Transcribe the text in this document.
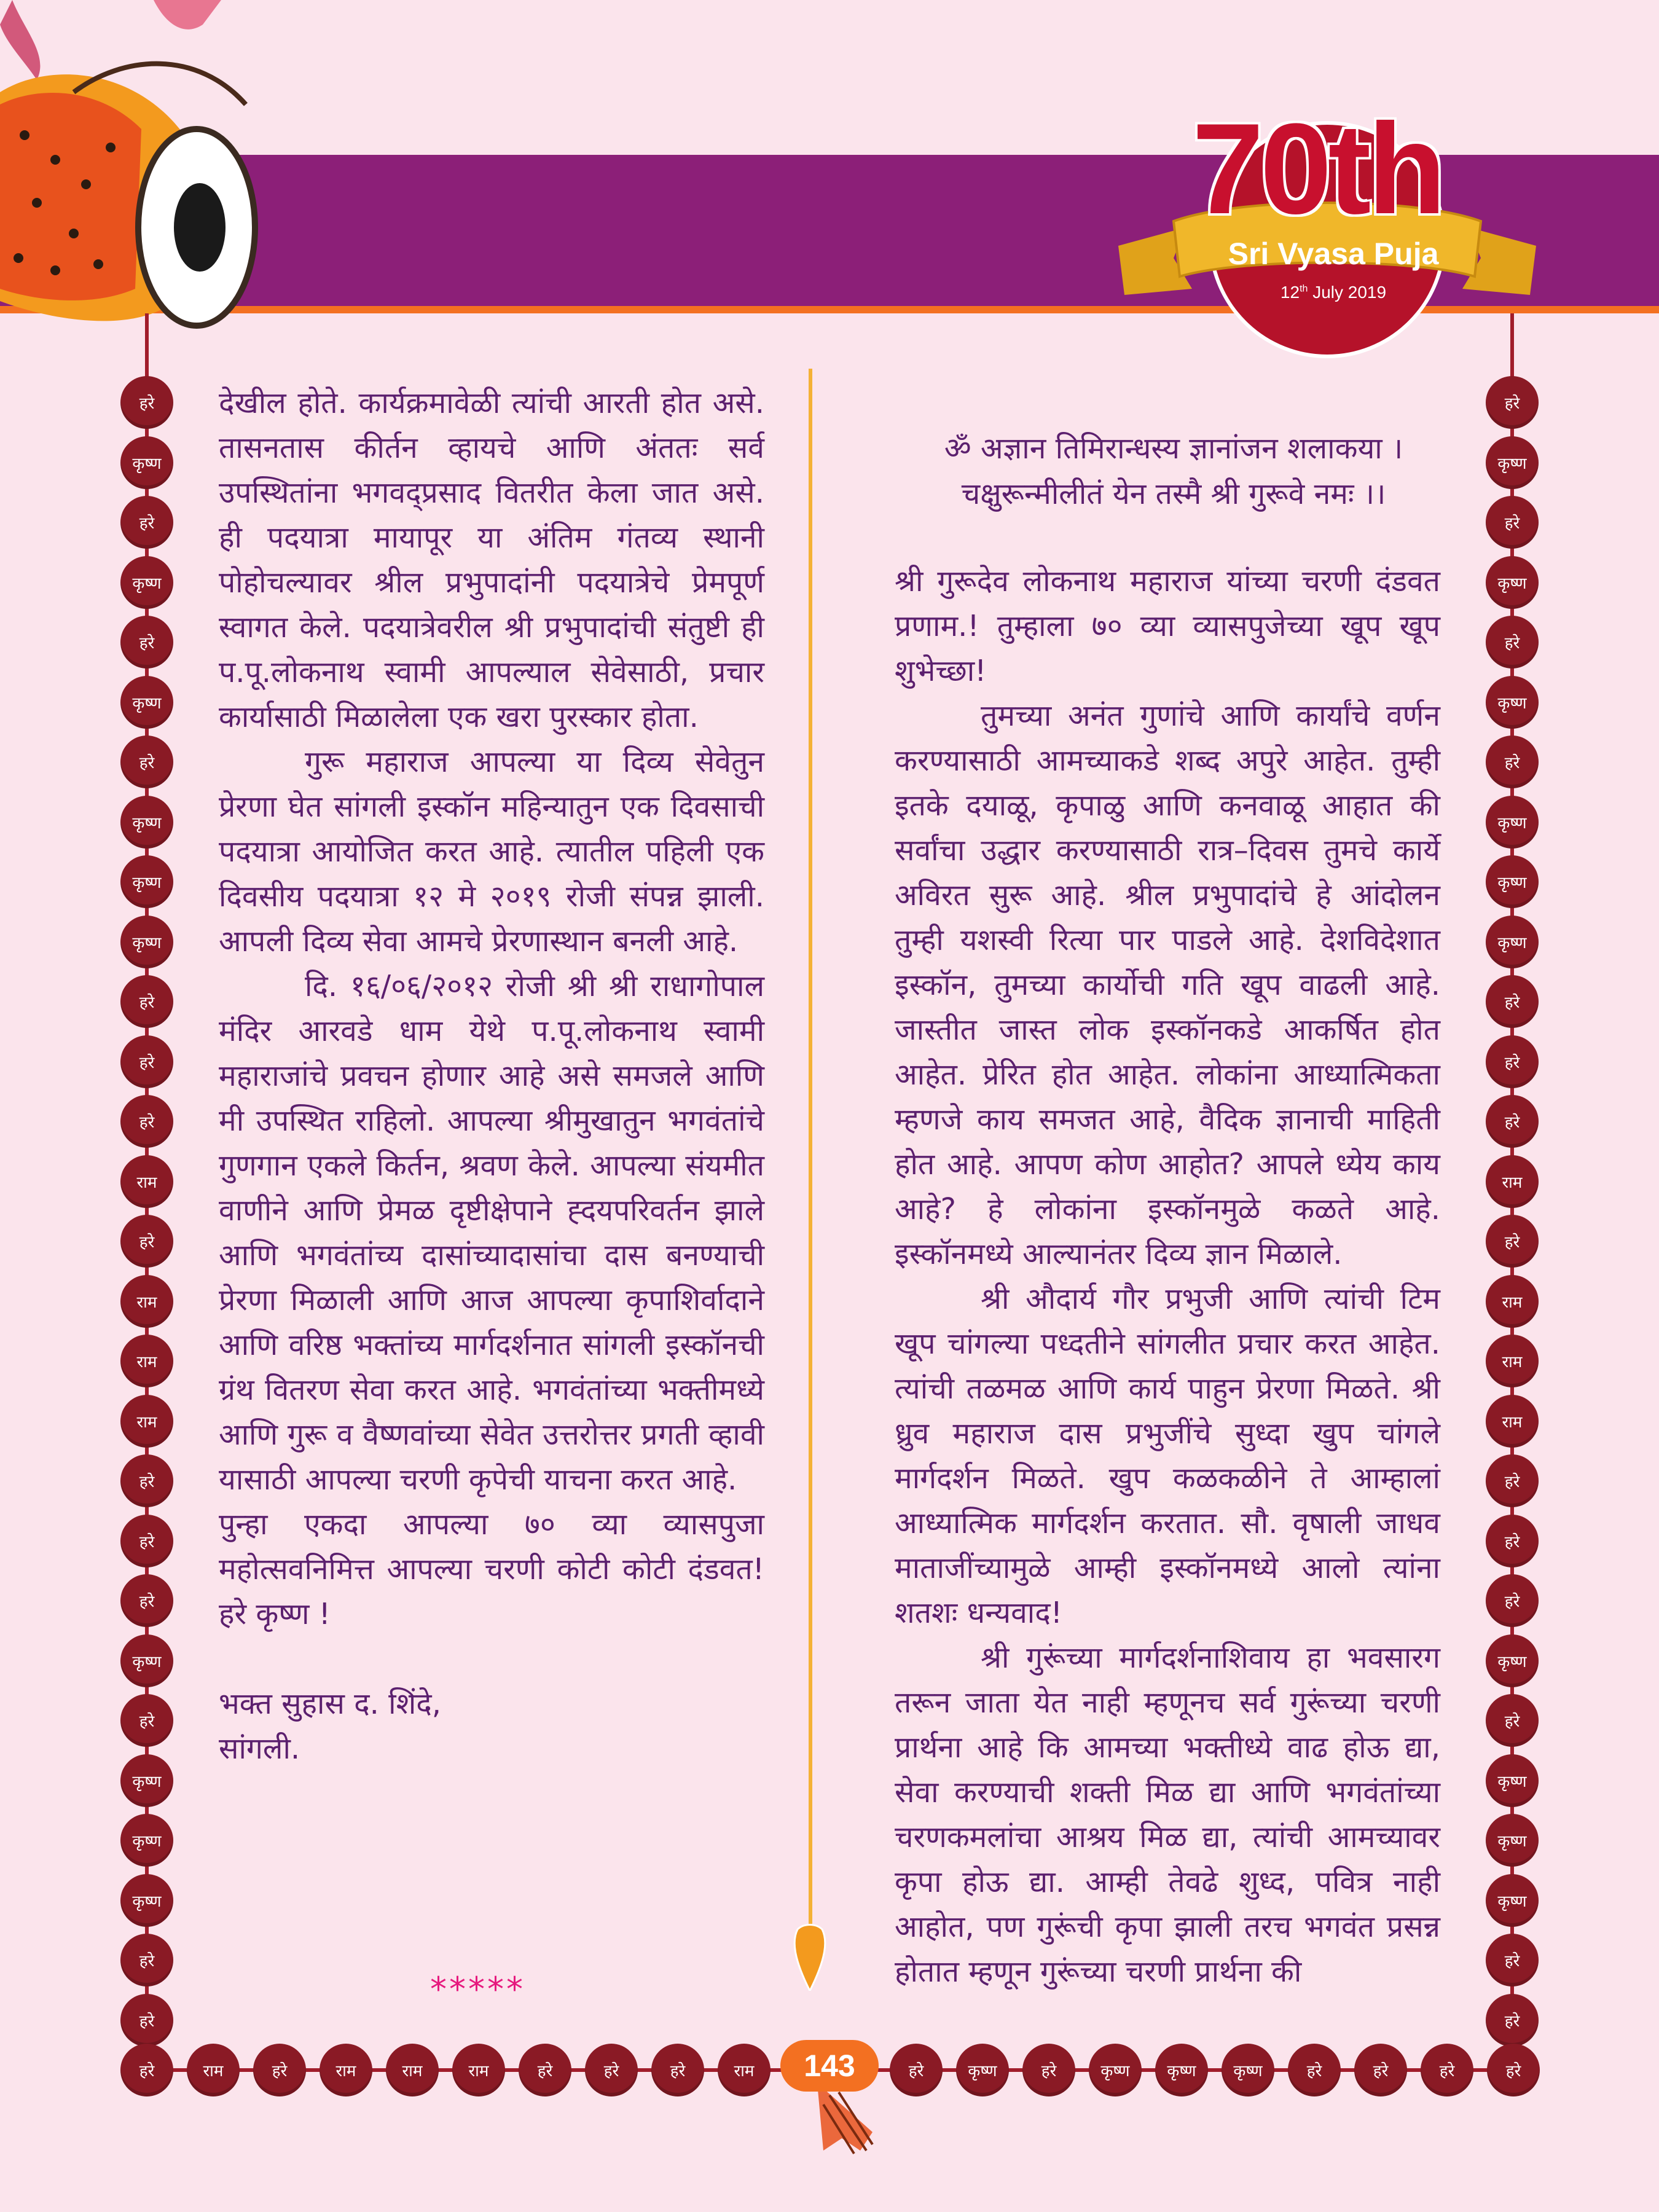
70th
Sri Vyasa Puja
12th July 2019
हरे
कृष्ण
हरे
कृष्ण
हरे
कृष्ण
हरे
कृष्ण
कृष्ण
कृष्ण
हरे
हरे
हरे
राम
हरे
राम
राम
राम
हरे
हरे
हरे
कृष्ण
हरे
कृष्ण
कृष्ण
कृष्ण
हरे
हरे
हरे
कृष्ण
हरे
कृष्ण
हरे
कृष्ण
हरे
कृष्ण
कृष्ण
कृष्ण
हरे
हरे
हरे
राम
हरे
राम
राम
राम
हरे
हरे
हरे
कृष्ण
हरे
कृष्ण
कृष्ण
कृष्ण
हरे
हरे
हरे	राम	हरे	राम	राम	राम	हरे	हरे	हरे	राम	हरे	कृष्ण	हरे	कृष्ण	कृष्ण	कृष्ण	हरे	हरे	हरे	हरे

देखील होते. कार्यक्रमावेळी त्यांची आरती होत असे. तासनतास कीर्तन व्हायचे आणि अंततः सर्व उपस्थितांना भगवद्प्रसाद वितरीत केला जात असे. ही पदयात्रा मायापूर या अंतिम गंतव्य स्थानी पोहोचल्यावर श्रील प्रभुपादांनी पदयात्रेचे प्रेमपूर्ण स्वागत केले. पदयात्रेवरील श्री प्रभुपादांची संतुष्टी ही प.पू.लोकनाथ स्वामी आपल्याल सेवेसाठी, प्रचार कार्यासाठी मिळालेला एक खरा पुरस्कार होता.

गुरू महाराज आपल्या या दिव्य सेवेतुन प्रेरणा घेत सांगली इस्कॉन महिन्यातुन एक दिवसाची पदयात्रा आयोजित करत आहे. त्यातील पहिली एक दिवसीय पदयात्रा १२ मे २०१९ रोजी संपन्न झाली. आपली दिव्य सेवा आमचे प्रेरणास्थान बनली आहे.

दि. १६/०६/२०१२ रोजी श्री श्री राधागोपाल मंदिर आरवडे धाम येथे प.पू.लोकनाथ स्वामी महाराजांचे प्रवचन होणार आहे असे समजले आणि मी उपस्थित राहिलो. आपल्या श्रीमुखातुन भगवंतांचे गुणगान एकले किर्तन, श्रवण केले. आपल्या संयमीत वाणीने आणि प्रेमळ दृष्टीक्षेपाने ह्दयपरिवर्तन झाले आणि भगवंतांच्य दासांच्यादासांचा दास बनण्याची प्रेरणा मिळाली आणि आज आपल्या कृपाशिर्वादाने आणि वरिष्ठ भक्तांच्य मार्गदर्शनात सांगली इस्कॉनची ग्रंथ वितरण सेवा करत आहे. भगवंतांच्या भक्तीमध्ये आणि गुरू व वैष्णवांच्या सेवेत उत्तरोत्तर प्रगती व्हावी यासाठी आपल्या चरणी कृपेची याचना करत आहे.

पुन्हा एकदा आपल्या ७० व्या व्यासपुजा महोत्सवनिमित्त आपल्या चरणी कोटी कोटी दंडवत! हरे कृष्ण !

भक्त सुहास द. शिंदे,

सांगली.

*****
ॐ अज्ञान तिमिरान्धस्य ज्ञानांजन शलाकया ।
चक्षुरून्मीलीतं येन तस्मै श्री गुरूवे नमः ।।

श्री गुरूदेव लोकनाथ महाराज यांच्या चरणी दंडवत प्रणाम.! तुम्हाला ७० व्या व्यासपुजेच्या खूप खूप शुभेच्छा!

तुमच्या अनंत गुणांचे आणि कार्यांचे वर्णन करण्यासाठी आमच्याकडे शब्द अपुरे आहेत. तुम्ही इतके दयाळू, कृपाळु आणि कनवाळू आहात की सर्वांचा उद्धार करण्यासाठी रात्र–दिवस तुमचे कार्ये अविरत सुरू आहे. श्रील प्रभुपादांचे हे आंदोलन तुम्ही यशस्वी रित्या पार पाडले आहे. देशविदेशात इस्कॉन, तुमच्या कार्योची गति खूप वाढली आहे. जास्तीत जास्त लोक इस्कॉनकडे आकर्षित होत आहेत. प्रेरित होत आहेत. लोकांना आध्यात्मिकता म्हणजे काय समजत आहे, वैदिक ज्ञानाची माहिती होत आहे. आपण कोण आहोत? आपले ध्येय काय आहे? हे लोकांना इस्कॉनमुळे कळते आहे. इस्कॉनमध्ये आल्यानंतर दिव्य ज्ञान मिळाले.

श्री औदार्य गौर प्रभुजी आणि त्यांची टिम खूप चांगल्या पध्दतीने सांगलीत प्रचार करत आहेत. त्यांची तळमळ आणि कार्य पाहुन प्रेरणा मिळते. श्री ध्रुव महाराज दास प्रभुजींचे सुध्दा खुप चांगले मार्गदर्शन मिळते. खुप कळकळीने ते आम्हालां आध्यात्मिक मार्गदर्शन करतात. सौ. वृषाली जाधव माताजींच्यामुळे आम्ही इस्कॉनमध्ये आलो त्यांना शतशः धन्यवाद!

श्री गुरूंच्या मार्गदर्शनाशिवाय हा भवसारग तरून जाता येत नाही म्हणूनच सर्व गुरूंच्या चरणी प्रार्थना आहे कि आमच्या भक्तीध्ये वाढ होऊ द्या, सेवा करण्याची शक्ती मिळ द्या आणि भगवंतांच्या चरणकमलांचा आश्रय मिळ द्या, त्यांची आमच्यावर कृपा होऊ द्या. आम्ही तेवढे शुध्द, पवित्र नाही आहोत, पण गुरूंची कृपा झाली तरच भगवंत प्रसन्न होतात म्हणून गुरूंच्या चरणी प्रार्थना की

143
